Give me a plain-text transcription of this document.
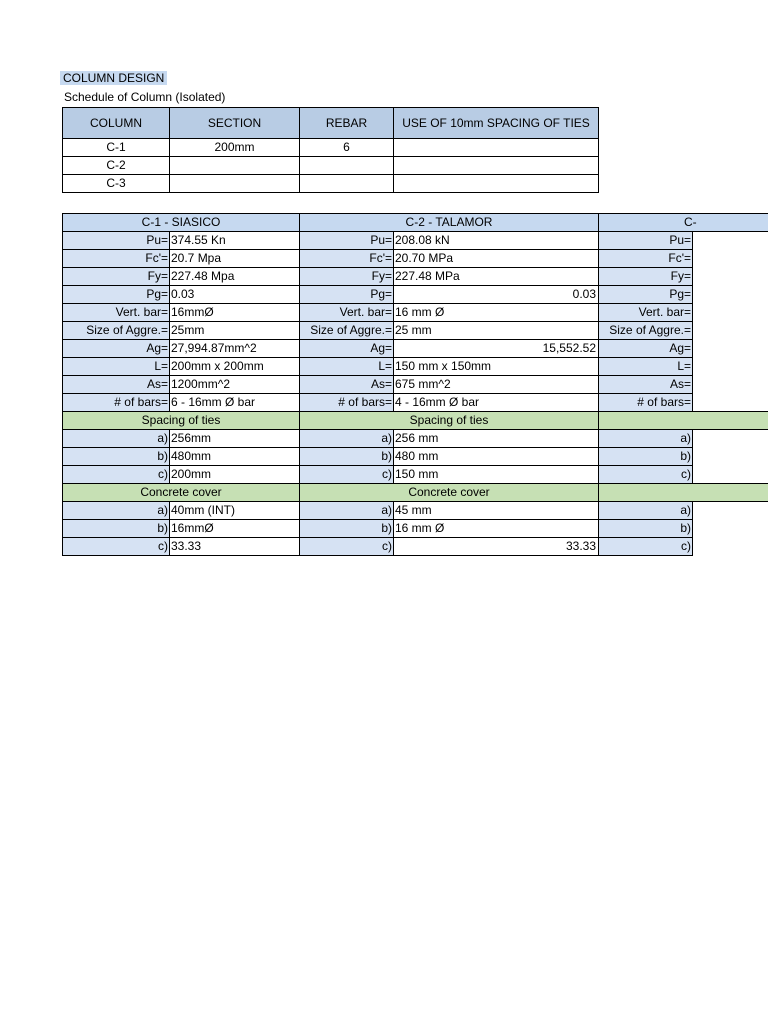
COLUMN DESIGN
Schedule of Column (Isolated)
COLUMN	SECTION	REBAR	USE OF 10mm SPACING OF TIES
C-1	200mm	6	
C-2			
C-3			
C-1 - SIASICO		C-2 - TALAMOR		C-	
Pu=	374.55 Kn	Pu=	208.08 kN	Pu=	
Fc'=	20.7 Mpa	Fc'=	20.70 MPa	Fc'=	
Fy=	227.48 Mpa	Fy=	227.48 MPa	Fy=	
Pg=	0.03	Pg=	0.03	Pg=	
Vert. bar=	16mmØ	Vert. bar=	16 mm Ø	Vert. bar=	
Size of Aggre.=	25mm	Size of Aggre.=	25 mm	Size of Aggre.=	
Ag=	27,994.87mm^2	Ag=	15,552.52	Ag=	
L=	200mm x 200mm	L=	150 mm x 150mm	L=	
As=	1200mm^2	As=	675 mm^2	As=	
# of bars=	6 - 16mm Ø bar	# of bars=	4 - 16mm Ø bar	# of bars=	
Spacing of ties		Spacing of ties			
a)	256mm	a)	256 mm	a)	
b)	480mm	b)	480 mm	b)	
c)	200mm	c)	150 mm	c)	
Concrete cover		Concrete cover			
a)	40mm (INT)	a)	45 mm	a)	
b)	16mmØ	b)	16 mm Ø	b)	
c)	33.33	c)	33.33	c)	
